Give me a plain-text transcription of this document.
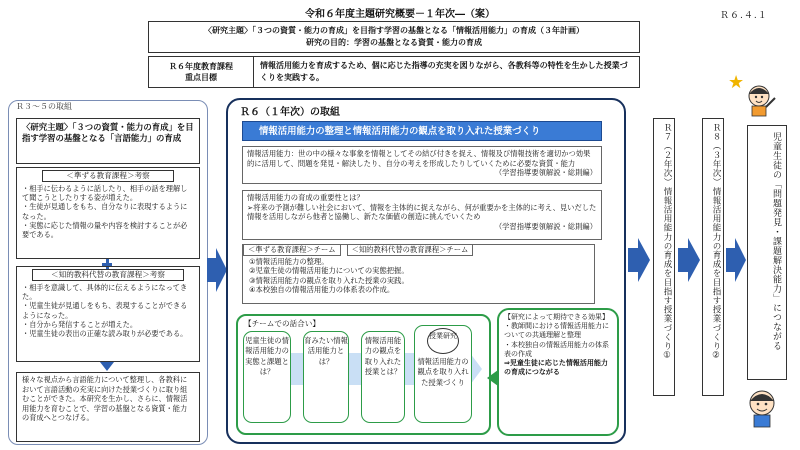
令和６年度主題研究概要－１年次―（案）	Ｒ６.４.１
〈研究主題〉「３つの資質・能力の育成」を目指す学習の基盤となる「情報活用能力」の育成（３年計画）
研究の目的：学習の基盤となる資質・能力の育成
Ｒ６年度教育課程
重点目標
情報活用能力を育成するため、個に応じた指導の充実を図りながら、各教科等の特性を生かした授業づくりを実践する。
Ｒ３～５の取組
〈研究主題〉「３つの資質・能力の育成」を目指す学習の基盤となる「言語能力」の育成
＜準ずる教育課程＞考察
・相手に伝わるように話したり、相手の話を理解して聞こうとしたりする姿が増えた。
・生徒が見通しをもち、自分なりに表現するようになった。
・実態に応じた情報の量や内容を検討することが必要である。
＜知的教科代替の教育課程＞考察
・相手を意識して、具体的に伝えるようになってきた。
・児童生徒が見通しをもち、表現することができるようになった。
・自分から発信することが増えた。
・児童生徒の表出の正確な読み取りが必要である。
様々な視点から言語能力について整理し、各教科において言語活動の充実に向けた授業づくりに取り組むことができた。本研究を生かし、さらに、情報活用能力を育むことで、学習の基盤となる資質・能力の育成へとつなげる。
Ｒ６（１年次）の取組
情報活用能力の整理と情報活用能力の観点を取り入れた授業づくり
情報活用能力：世の中の様々な事象を情報としてその結び付きを捉え、情報及び情報技術を適切かつ効果的に活用して、問題を発見・解決したり、自分の考えを形成したりしていくために必要な資質・能力
（学習指導要領解説・総則編）
情報活用能力の育成の重要性とは？
➢将来の予測が難しい社会において、情報を主体的に捉えながら、何が重要かを主体的に考え、見いだした情報を活用しながら他者と協働し、新たな価値の創造に挑んでいくため
（学習指導要領解説・総則編）
＜準ずる教育課程＞チーム	＜知的教科代替の教育課程＞チーム
①情報活用能力の整理。
②児童生徒の情報活用能力についての実態把握。
③情報活用能力の観点を取り入れた授業の実践。
④本校独自の情報活用能力の体系表の作成。
【チームでの話合い】
児童生徒の情報活用能力の実態と課題とは？
育みたい情報活用能力とは？
情報活用能力の観点を取り入れた授業とは？
授業研究
情報活用能力の観点を取り入れた授業づくり
【研究によって期待できる効果】
・教師間における情報活用能力についての共通理解と整理
・本校独自の情報活用能力の体系表の作成
⇒児童生徒に応じた情報活用能力の育成につながる
Ｒ７（２年次）情報活用能力の育成を目指す授業づくり①	Ｒ８（３年次）情報活用能力の育成を目指す授業づくり②	児童生徒の「問題発見・課題解決能力」につながる
★
